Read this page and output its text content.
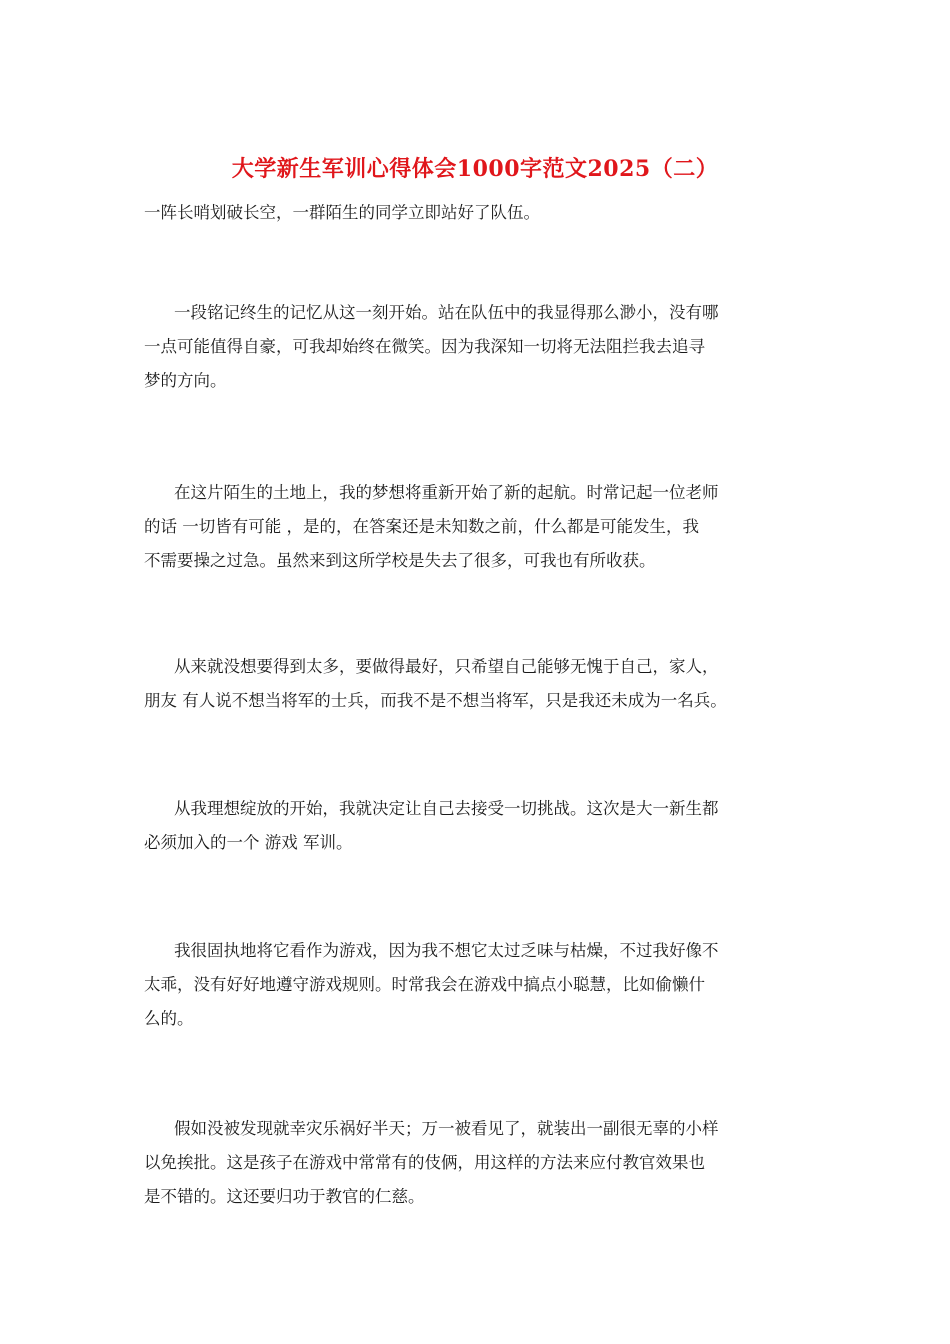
大学新生军训心得体会1000字范文2025（二）

一阵长哨划破长空，一群陌生的同学立即站好了队伍。

一段铭记终生的记忆从这一刻开始。站在队伍中的我显得那么渺小，没有哪
一点可能值得自豪，可我却始终在微笑。因为我深知一切将无法阻拦我去追寻
梦的方向。

在这片陌生的土地上，我的梦想将重新开始了新的起航。时常记起一位老师
的话 一切皆有可能 ，是的，在答案还是未知数之前，什么都是可能发生，我
不需要操之过急。虽然来到这所学校是失去了很多，可我也有所收获。

从来就没想要得到太多，要做得最好，只希望自己能够无愧于自己，家人，
朋友 有人说不想当将军的士兵，而我不是不想当将军，只是我还未成为一名兵。

从我理想绽放的开始，我就决定让自己去接受一切挑战。这次是大一新生都
必须加入的一个 游戏 军训。

我很固执地将它看作为游戏，因为我不想它太过乏味与枯燥，不过我好像不
太乖，没有好好地遵守游戏规则。时常我会在游戏中搞点小聪慧，比如偷懒什
么的。

假如没被发现就幸灾乐祸好半天；万一被看见了，就装出一副很无辜的小样
以免挨批。这是孩子在游戏中常常有的伎俩，用这样的方法来应付教官效果也
是不错的。这还要归功于教官的仁慈。
